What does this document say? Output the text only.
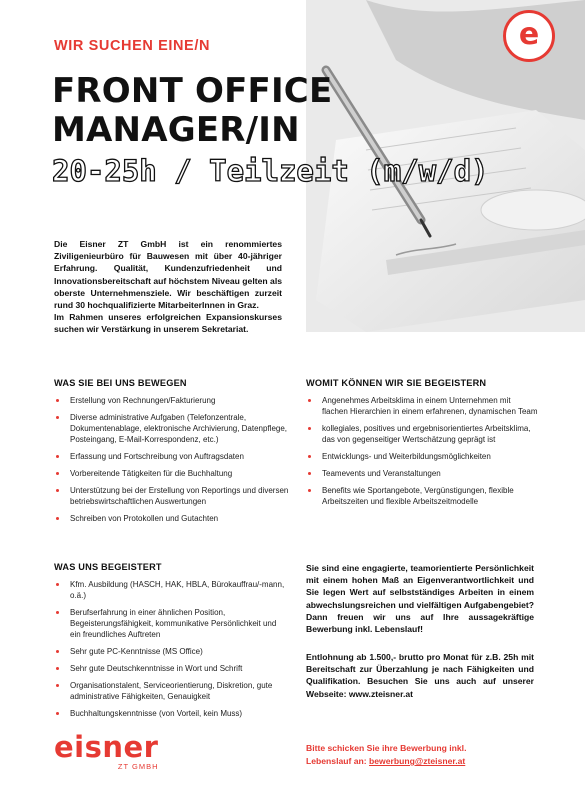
e
WIR SUCHEN EINE/N
FRONT OFFICE
MANAGER/IN
20-25h / Teilzeit (m/w/d)

Die Eisner ZT GmbH ist ein renommiertes Ziviligenieurbüro für Bauwesen mit über 40-jähriger Erfahrung. Qualität, Kundenzufriedenheit und Innovationsbereitschaft auf höchstem Niveau gelten als oberste Unternehmensziele. Wir beschäftigen zurzeit rund 30 hochqualifizierte MitarbeiterInnen in Graz.

Im Rahmen unseres erfolgreichen Expansionskurses suchen wir Verstärkung in unserem Sekretariat.

WAS SIE BEI UNS BEWEGEN
Erstellung von Rechnungen/Fakturierung
Diverse administrative Aufgaben (Telefonzentrale, Dokumentenablage, elektronische Archivierung, Datenpflege, Posteingang, E-Mail-Korrespondenz, etc.)
Erfassung und Fortschreibung von Auftragsdaten
Vorbereitende Tätigkeiten für die Buchhaltung
Unterstützung bei der Erstellung von Reportings und diversen betriebswirtschaftlichen Auswertungen
Schreiben von Protokollen und Gutachten
WOMIT KÖNNEN WIR SIE BEGEISTERN
Angenehmes Arbeitsklima in einem Unternehmen mit flachen Hierarchien in einem erfahrenen, dynamischen Team
kollegiales, positives und ergebnisorientiertes Arbeitsklima, das von gegenseitiger Wertschätzung geprägt ist
Entwicklungs- und Weiterbildungsmöglichkeiten
Teamevents und Veranstaltungen
Benefits wie Sportangebote, Vergünstigungen, flexible Arbeitszeiten und flexible Arbeitszeitmodelle
WAS UNS BEGEISTERT
Kfm. Ausbildung (HASCH, HAK, HBLA, Bürokauffrau/-mann, o.ä.)
Berufserfahrung in einer ähnlichen Position, Begeisterungsfähigkeit, kommunikative Persönlichkeit und ein freundliches Auftreten
Sehr gute PC-Kenntnisse (MS Office)
Sehr gute Deutschkenntnisse in Wort und Schrift
Organisationstalent, Serviceorientierung, Diskretion, gute administrative Fähigkeiten, Genauigkeit
Buchhaltungskenntnisse (von Vorteil, kein Muss)

Sie sind eine engagierte, teamorientierte Persönlichkeit mit einem hohen Maß an Eigenverantwortlichkeit und Sie legen Wert auf selbstständiges Arbeiten in einem abwechslungsreichen und vielfältigen Aufgabengebiet? Dann freuen wir uns auf Ihre aussagekräftige Bewerbung inkl. Lebenslauf!

Entlohnung ab 1.500,- brutto pro Monat für z.B. 25h mit Bereitschaft zur Überzahlung je nach Fähigkeiten und Qualifikation. Besuchen Sie uns auch auf unserer Webseite: www.zteisner.at

eisner
ZT GMBH
Bitte schicken Sie ihre Bewerbung inkl.
Lebenslauf an: bewerbung@zteisner.at
